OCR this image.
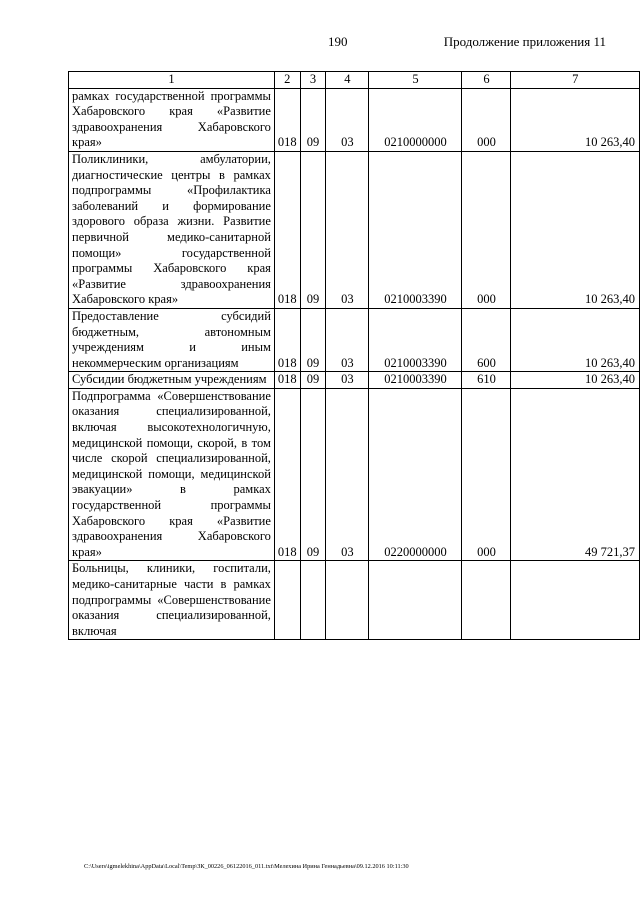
190	Продолжение приложения 11
1	2	3	4	5	6	7

рамках государственной программы Хабаровского края «Развитие здравоохранения Хабаровского края»	018	09	03	0210000000	000	10 263,40

Поликлиники, амбулатории, диагностические центры в рамках подпрограммы «Профилактика заболеваний и формирование здорового образа жизни. Развитие первичной медико-санитарной помощи» государственной программы Хабаровского края «Развитие здравоохранения Хабаровского края»	018	09	03	0210003390	000	10 263,40

Предоставление субсидий бюджетным, автономным учреждениям и иным некоммерческим организациям	018	09	03	0210003390	600	10 263,40

Субсидии бюджетным учреждениям	018	09	03	0210003390	610	10 263,40

Подпрограмма «Совершенствование оказания специализированной, включая высокотехнологичную, медицинской помощи, скорой, в том числе скорой специализированной, медицинской помощи, медицинской эвакуации» в рамках государственной программы Хабаровского края «Развитие здравоохранения Хабаровского края»	018	09	03	0220000000	000	49 721,37

Больницы, клиники, госпитали, медико-санитарные части в рамках подпрограммы «Совершенствование оказания специализированной, включая						

C:\Users\igmelekhina\AppData\Local\Temp\ЗК_00226_06122016_011.txt\Мелехина Ирина Геннадьевна\09.12.2016 10:11:30
